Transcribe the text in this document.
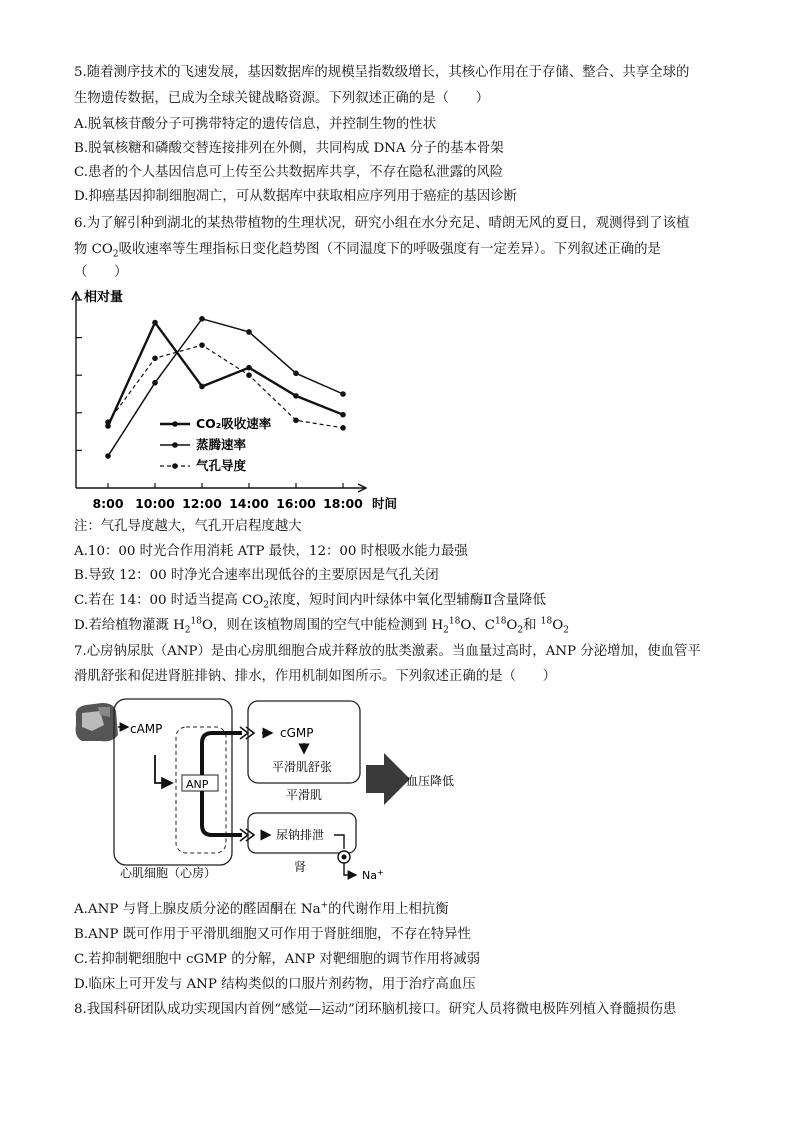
5.随着测序技术的飞速发展，基因数据库的规模呈指数级增长，其核心作用在于存储、整合、共享全球的
生物遗传数据，已成为全球关键战略资源。下列叙述正确的是（　　）
A.脱氧核苷酸分子可携带特定的遗传信息，并控制生物的性状
B.脱氧核糖和磷酸交替连接排列在外侧，共同构成 DNA 分子的基本骨架
C.患者的个人基因信息可上传至公共数据库共享，不存在隐私泄露的风险
D.抑癌基因抑制细胞凋亡，可从数据库中获取相应序列用于癌症的基因诊断
6.为了解引种到湖北的某热带植物的生理状况，研究小组在水分充足、晴朗无风的夏日，观测得到了该植
物 $CO_2$吸收速率等生理指标日变化趋势图（不同温度下的呼吸强度有一定差异）。下列叙述正确的是
（　　）
相对量
8:00 10:00 12:00 14:00 16:00 18:00 时间
CO₂吸收速率
蒸腾速率
气孔导度
注：气孔导度越大，气孔开启程度越大
A.10：00 时光合作用消耗 ATP 最快，12：00 时根吸水能力最强
B.导致 12：00 时净光合速率出现低谷的主要原因是气孔关闭
C.若在 14：00 时适当提高 $CO_2$浓度，短时间内叶绿体中氧化型辅酶Ⅱ含量降低
D.若给植物灌溉 $H_2^{18}O$，则在该植物周围的空气中能检测到 $H_2^{18}O$、$C^{18}O_2$和 $^{18}O_2$
7.心房钠尿肽（ANP）是由心房肌细胞合成并释放的肽类激素。当血量过高时，ANP 分泌增加，使血管平
滑肌舒张和促进肾脏排钠、排水，作用机制如图所示。下列叙述正确的是（　　）
cAMP
ANP
cGMP
平滑肌舒张
平滑肌
血压降低
尿钠排泄
Na+
肾
心肌细胞（心房）
A.ANP 与肾上腺皮质分泌的醛固酮在 Na+的代谢作用上相抗衡
B.ANP 既可作用于平滑肌细胞又可作用于肾脏细胞，不存在特异性
C.若抑制靶细胞中 cGMP 的分解，ANP 对靶细胞的调节作用将减弱
D.临床上可开发与 ANP 结构类似的口服片剂药物，用于治疗高血压
8.我国科研团队成功实现国内首例“感觉—运动”闭环脑机接口。研究人员将微电极阵列植入脊髓损伤患
